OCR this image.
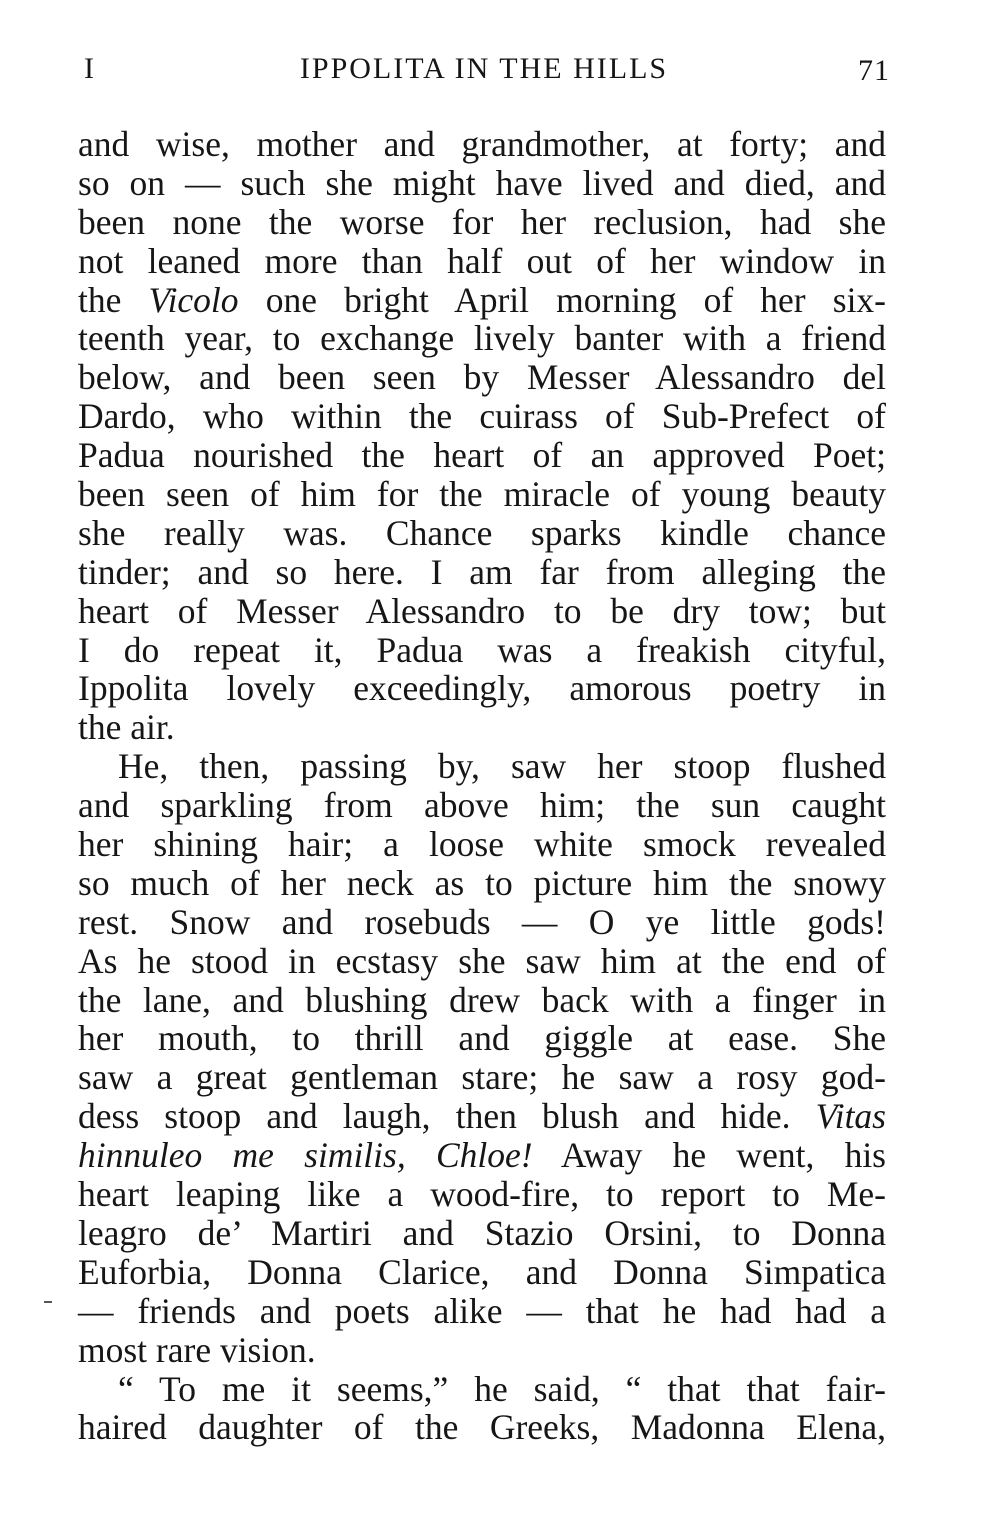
I	IPPOLITA IN THE HILLS	71
and wise, mother and grandmother, at forty; and
so on — such she might have lived and died, and
been none the worse for her reclusion, had she
not leaned more than half out of her window in
the Vicolo one bright April morning of her six-
teenth year, to exchange lively banter with a friend
below, and been seen by Messer Alessandro del
Dardo, who within the cuirass of Sub-Prefect of
Padua nourished the heart of an approved Poet;
been seen of him for the miracle of young beauty
she really was. Chance sparks kindle chance
tinder; and so here. I am far from alleging the
heart of Messer Alessandro to be dry tow; but
I do repeat it, Padua was a freakish cityful,
Ippolita lovely exceedingly, amorous poetry in
the air.
He, then, passing by, saw her stoop flushed
and sparkling from above him; the sun caught
her shining hair; a loose white smock revealed
so much of her neck as to picture him the snowy
rest. Snow and rosebuds — O ye little gods!
As he stood in ecstasy she saw him at the end of
the lane, and blushing drew back with a finger in
her mouth, to thrill and giggle at ease. She
saw a great gentleman stare; he saw a rosy god-
dess stoop and laugh, then blush and hide. Vitas
hinnuleo me similis, Chloe! Away he went, his
heart leaping like a wood-fire, to report to Me-
leagro de’ Martiri and Stazio Orsini, to Donna
Euforbia, Donna Clarice, and Donna Simpatica
— friends and poets alike — that he had had a
most rare vision.
“ To me it seems,” he said, “ that that fair-
haired daughter of the Greeks, Madonna Elena,
